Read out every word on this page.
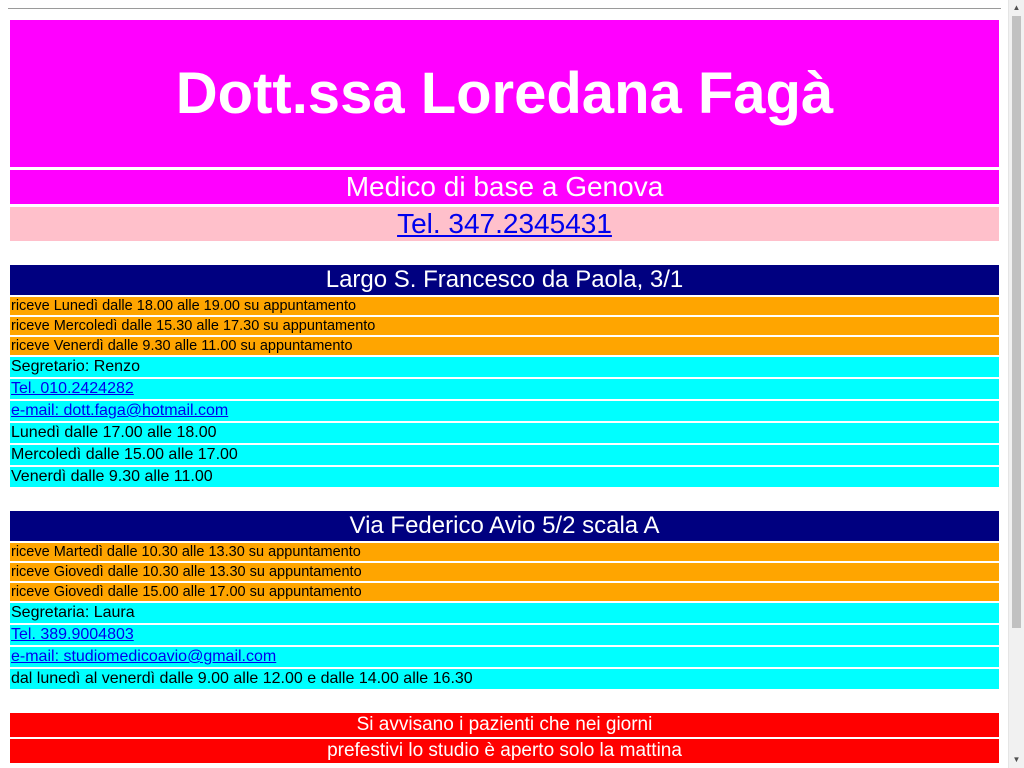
Dott.ssa Loredana Fagà
Medico di base a Genova
Tel. 347.2345431
Largo S. Francesco da Paola, 3/1
riceve Lunedì dalle 18.00 alle 19.00 su appuntamento
riceve Mercoledì dalle 15.30 alle 17.30 su appuntamento
riceve Venerdì dalle 9.30 alle 11.00 su appuntamento
Segretario: Renzo
Tel. 010.2424282
e-mail: dott.faga@hotmail.com
Lunedì dalle 17.00 alle 18.00
Mercoledì dalle 15.00 alle 17.00
Venerdì dalle 9.30 alle 11.00
Via Federico Avio 5/2 scala A
riceve Martedì dalle 10.30 alle 13.30 su appuntamento
riceve Giovedì dalle 10.30 alle 13.30 su appuntamento
riceve Giovedì dalle 15.00 alle 17.00 su appuntamento
Segretaria: Laura
Tel. 389.9004803
e-mail: studiomedicoavio@gmail.com
dal lunedì al venerdì dalle 9.00 alle 12.00 e dalle 14.00 alle 16.30
Si avvisano i pazienti che nei giorni
prefestivi lo studio è aperto solo la mattina
▲
▼
